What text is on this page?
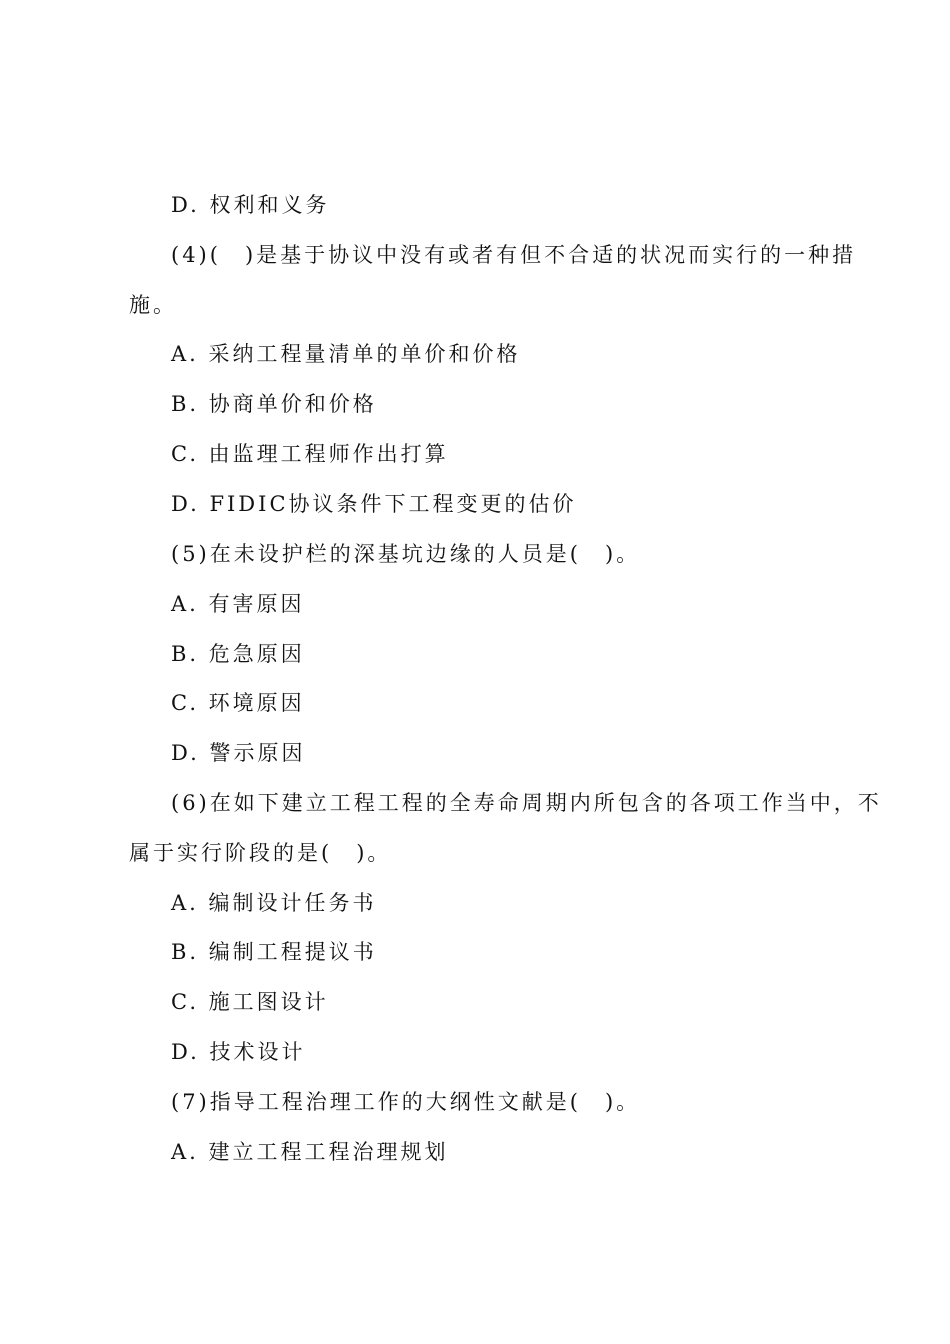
D. 权利和义务
(4)(　)是基于协议中没有或者有但不合适的状况而实行的一种措
施。
A. 采纳工程量清单的单价和价格
B. 协商单价和价格
C. 由监理工程师作出打算
D. FIDIC协议条件下工程变更的估价
(5)在未设护栏的深基坑边缘的人员是(　)。
A. 有害原因
B. 危急原因
C. 环境原因
D. 警示原因
(6)在如下建立工程工程的全寿命周期内所包含的各项工作当中，不
属于实行阶段的是(　)。
A. 编制设计任务书
B. 编制工程提议书
C. 施工图设计
D. 技术设计
(7)指导工程治理工作的大纲性文献是(　)。
A. 建立工程工程治理规划
